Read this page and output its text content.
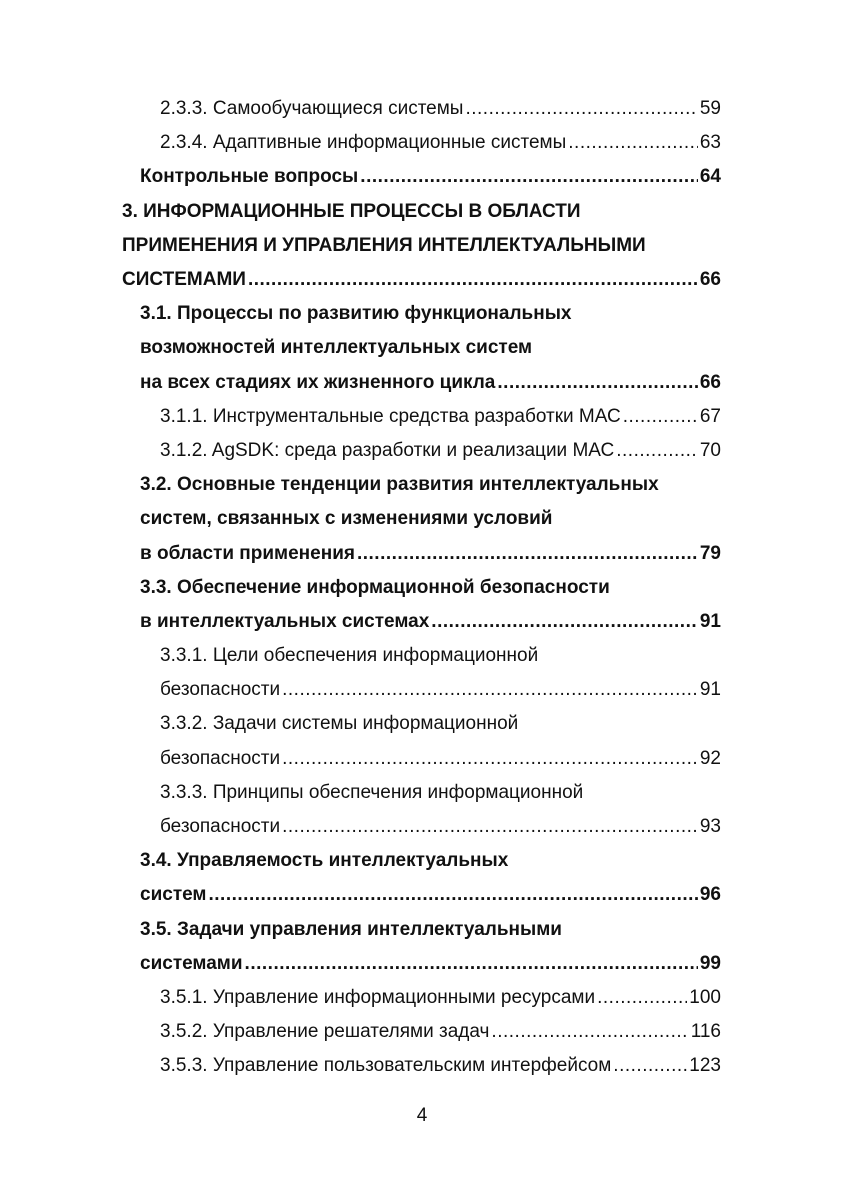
2.3.3. Самообучающиеся системы .....	59
2.3.4. Адаптивные информационные системы .....	63
Контрольные вопросы .....	64
3. ИНФОРМАЦИОННЫЕ ПРОЦЕССЫ В ОБЛАСТИ
ПРИМЕНЕНИЯ И УПРАВЛЕНИЯ ИНТЕЛЛЕКТУАЛЬНЫМИ
СИСТЕМАМИ .....	66
3.1. Процессы по развитию функциональных
возможностей интеллектуальных систем
на всех стадиях их жизненного цикла .....	66
3.1.1. Инструментальные средства разработки МАС .....	67
3.1.2. AgSDK: среда разработки и реализации МАС .....	70
3.2. Основные тенденции развития интеллектуальных
систем, связанных с изменениями условий
в области применения .....	79
3.3. Обеспечение информационной безопасности
в интеллектуальных системах .....	91
3.3.1. Цели обеспечения информационной
безопасности .....	91
3.3.2. Задачи системы информационной
безопасности .....	92
3.3.3. Принципы обеспечения информационной
безопасности .....	93
3.4. Управляемость интеллектуальных
систем .....	96
3.5. Задачи управления интеллектуальными
системами .....	99
3.5.1. Управление информационными ресурсами .....	100
3.5.2. Управление решателями задач .....	116
3.5.3. Управление пользовательским интерфейсом .....	123
4
